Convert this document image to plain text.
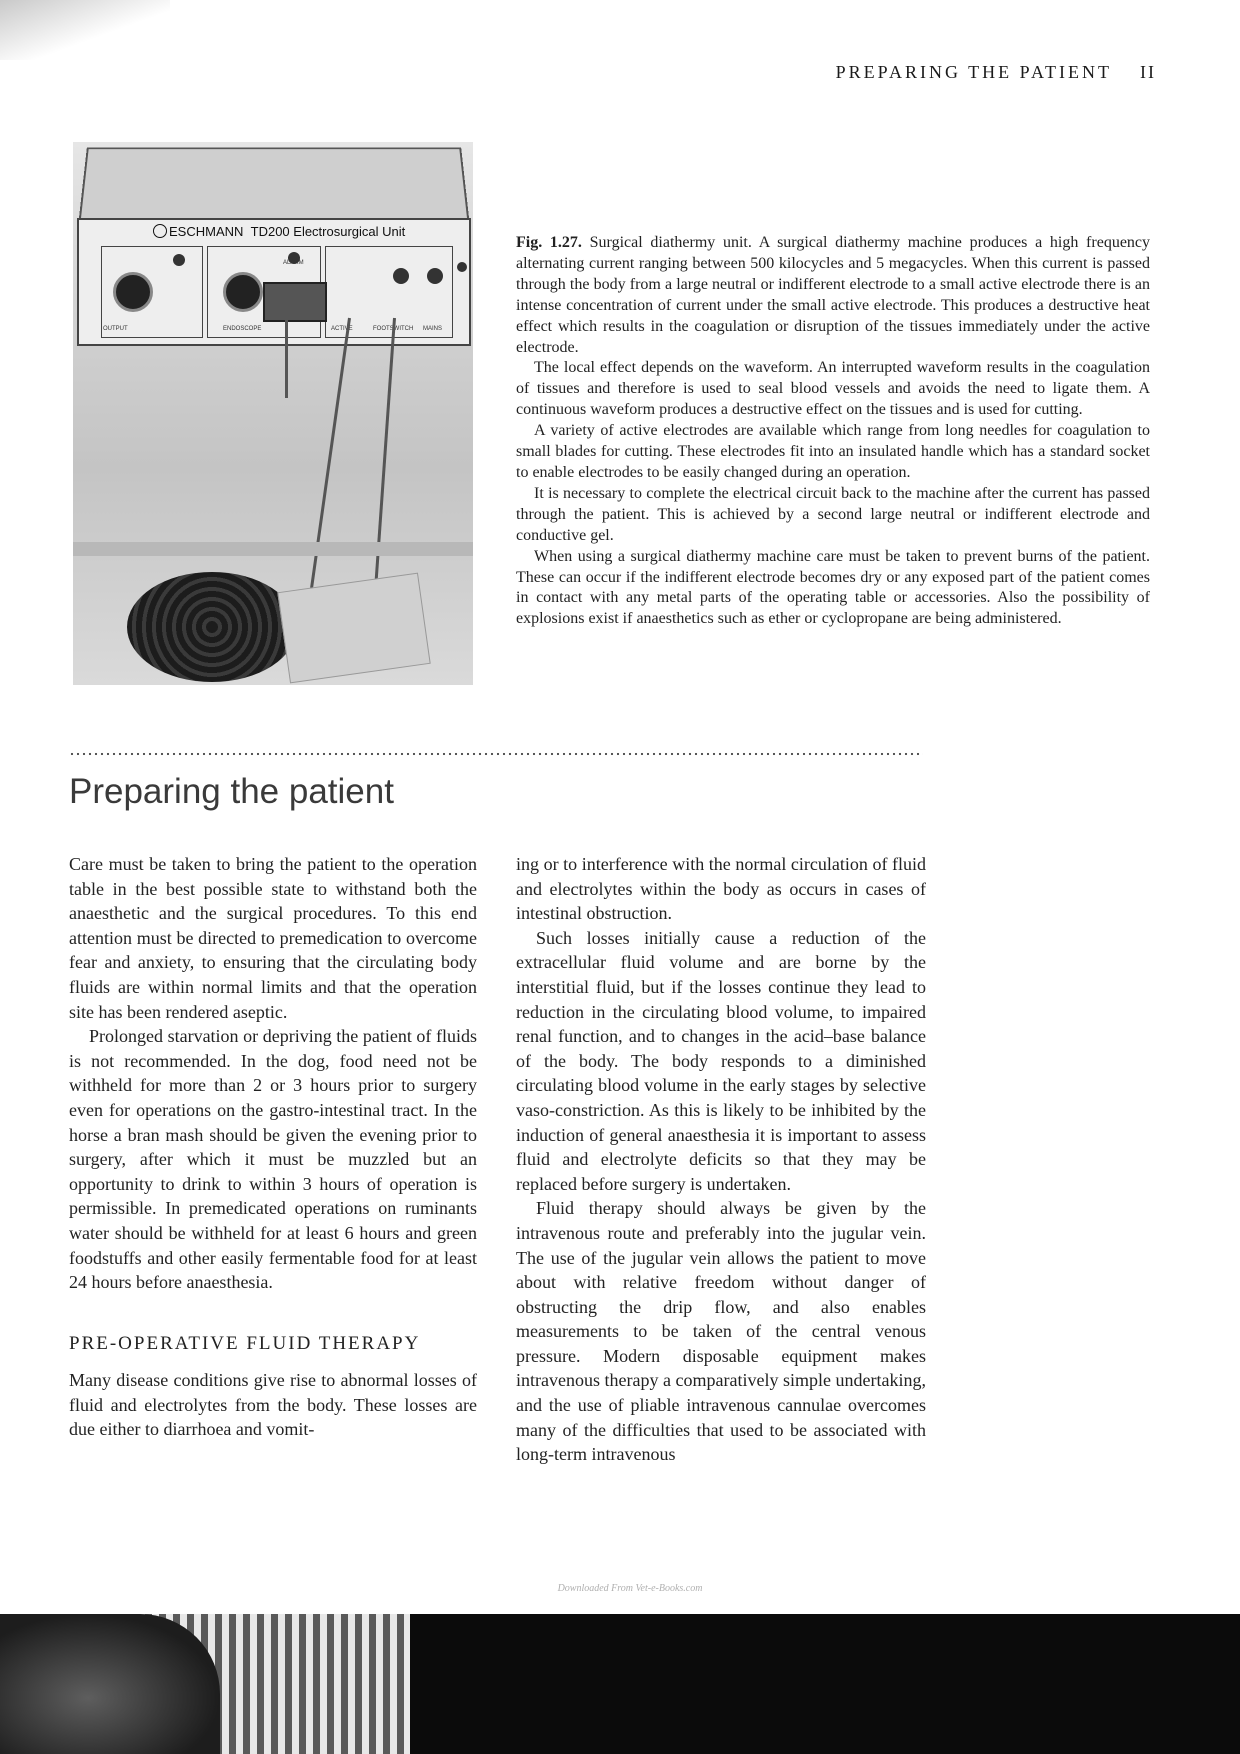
PREPARING THE PATIENT II
ESCHMANN TD200 Electrosurgical Unit
ALARM
OUTPUT	ENDOSCOPE	ACTIVE	FOOTSWITCH MAINS

Fig. 1.27. Surgical diathermy unit. A surgical diathermy machine produces a high frequency alternating current ranging between 500 kilocycles and 5 megacycles. When this current is passed through the body from a large neutral or indifferent electrode to a small active electrode there is an intense concentration of current under the small active electrode. This produces a destructive heat effect which results in the coagulation or disruption of the tissues immediately under the active electrode.

The local effect depends on the waveform. An interrupted waveform results in the coagulation of tissues and therefore is used to seal blood vessels and avoids the need to ligate them. A continuous waveform produces a destructive effect on the tissues and is used for cutting.

A variety of active electrodes are available which range from long needles for coagulation to small blades for cutting. These electrodes fit into an insulated handle which has a standard socket to enable electrodes to be easily changed during an operation.

It is necessary to complete the electrical circuit back to the machine after the current has passed through the patient. This is achieved by a second large neutral or indifferent electrode and conductive gel.

When using a surgical diathermy machine care must be taken to prevent burns of the patient. These can occur if the indifferent electrode becomes dry or any exposed part of the patient comes in contact with any metal parts of the operating table or accessories. Also the possibility of explosions exist if anaesthetics such as ether or cyclopropane are being administered.

Preparing the patient

Care must be taken to bring the patient to the operation table in the best possible state to withstand both the anaesthetic and the surgical procedures. To this end attention must be directed to premedication to overcome fear and anxiety, to ensuring that the circulating body fluids are within normal limits and that the operation site has been rendered aseptic.

Prolonged starvation or depriving the patient of fluids is not recommended. In the dog, food need not be withheld for more than 2 or 3 hours prior to surgery even for operations on the gastro-intestinal tract. In the horse a bran mash should be given the evening prior to surgery, after which it must be muzzled but an opportunity to drink to within 3 hours of operation is permissible. In premedicated operations on ruminants water should be withheld for at least 6 hours and green foodstuffs and other easily fermentable food for at least 24 hours before anaesthesia.

PRE-OPERATIVE FLUID THERAPY

Many disease conditions give rise to abnormal losses of fluid and electrolytes from the body. These losses are due either to diarrhoea and vomit-

ing or to interference with the normal circulation of fluid and electrolytes within the body as occurs in cases of intestinal obstruction.

Such losses initially cause a reduction of the extracellular fluid volume and are borne by the interstitial fluid, but if the losses continue they lead to reduction in the circulating blood volume, to impaired renal function, and to changes in the acid–base balance of the body. The body responds to a diminished circulating blood volume in the early stages by selective vaso-constriction. As this is likely to be inhibited by the induction of general anaesthesia it is important to assess fluid and electrolyte deficits so that they may be replaced before surgery is undertaken.

Fluid therapy should always be given by the intravenous route and preferably into the jugular vein. The use of the jugular vein allows the patient to move about with relative freedom without danger of obstructing the drip flow, and also enables measurements to be taken of the central venous pressure. Modern disposable equipment makes intravenous therapy a comparatively simple undertaking, and the use of pliable intravenous cannulae overcomes many of the difficulties that used to be associated with long-term intravenous

Downloaded From Vet-e-Books.com
